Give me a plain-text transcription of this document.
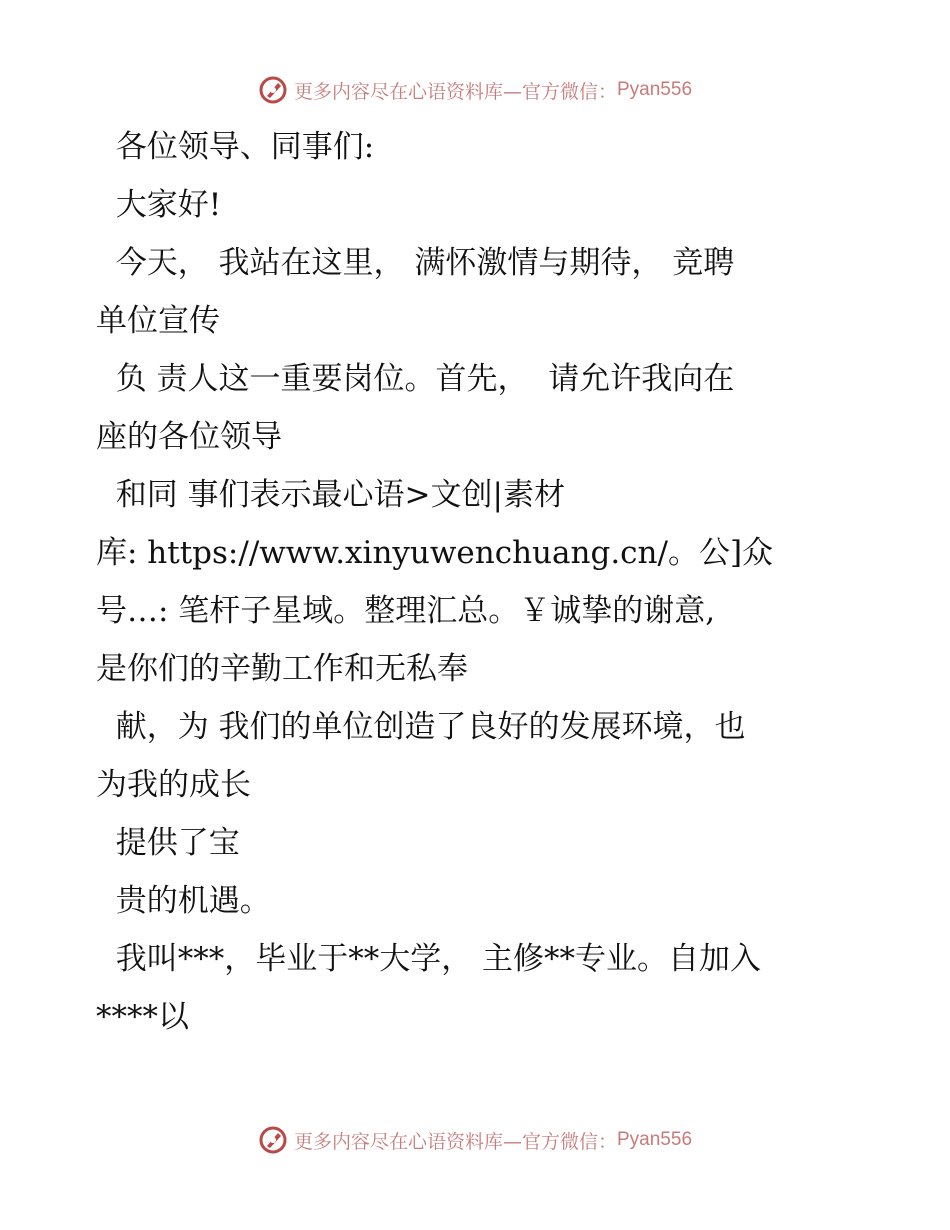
更多内容尽在心语资料库—官方微信： Pyan556
各位领导、同事们:
大家好!
今天， 我站在这里， 满怀激情与期待， 竞聘
单位宣传
负 责人这一重要岗位。首先，  请允许我向在
座的各位领导
和同 事们表示最心语>文创|素材
库: https://www.xinyuwenchuang.cn/。公]众
号…: 笔杆子星域。整理汇总。￥诚挚的谢意,
是你们的辛勤工作和无私奉
献，为 我们的单位创造了良好的发展环境，也
为我的成长
提供了宝
贵的机遇。
我叫***，毕业于**大学， 主修**专业。自加入
****以
更多内容尽在心语资料库—官方微信： Pyan556
